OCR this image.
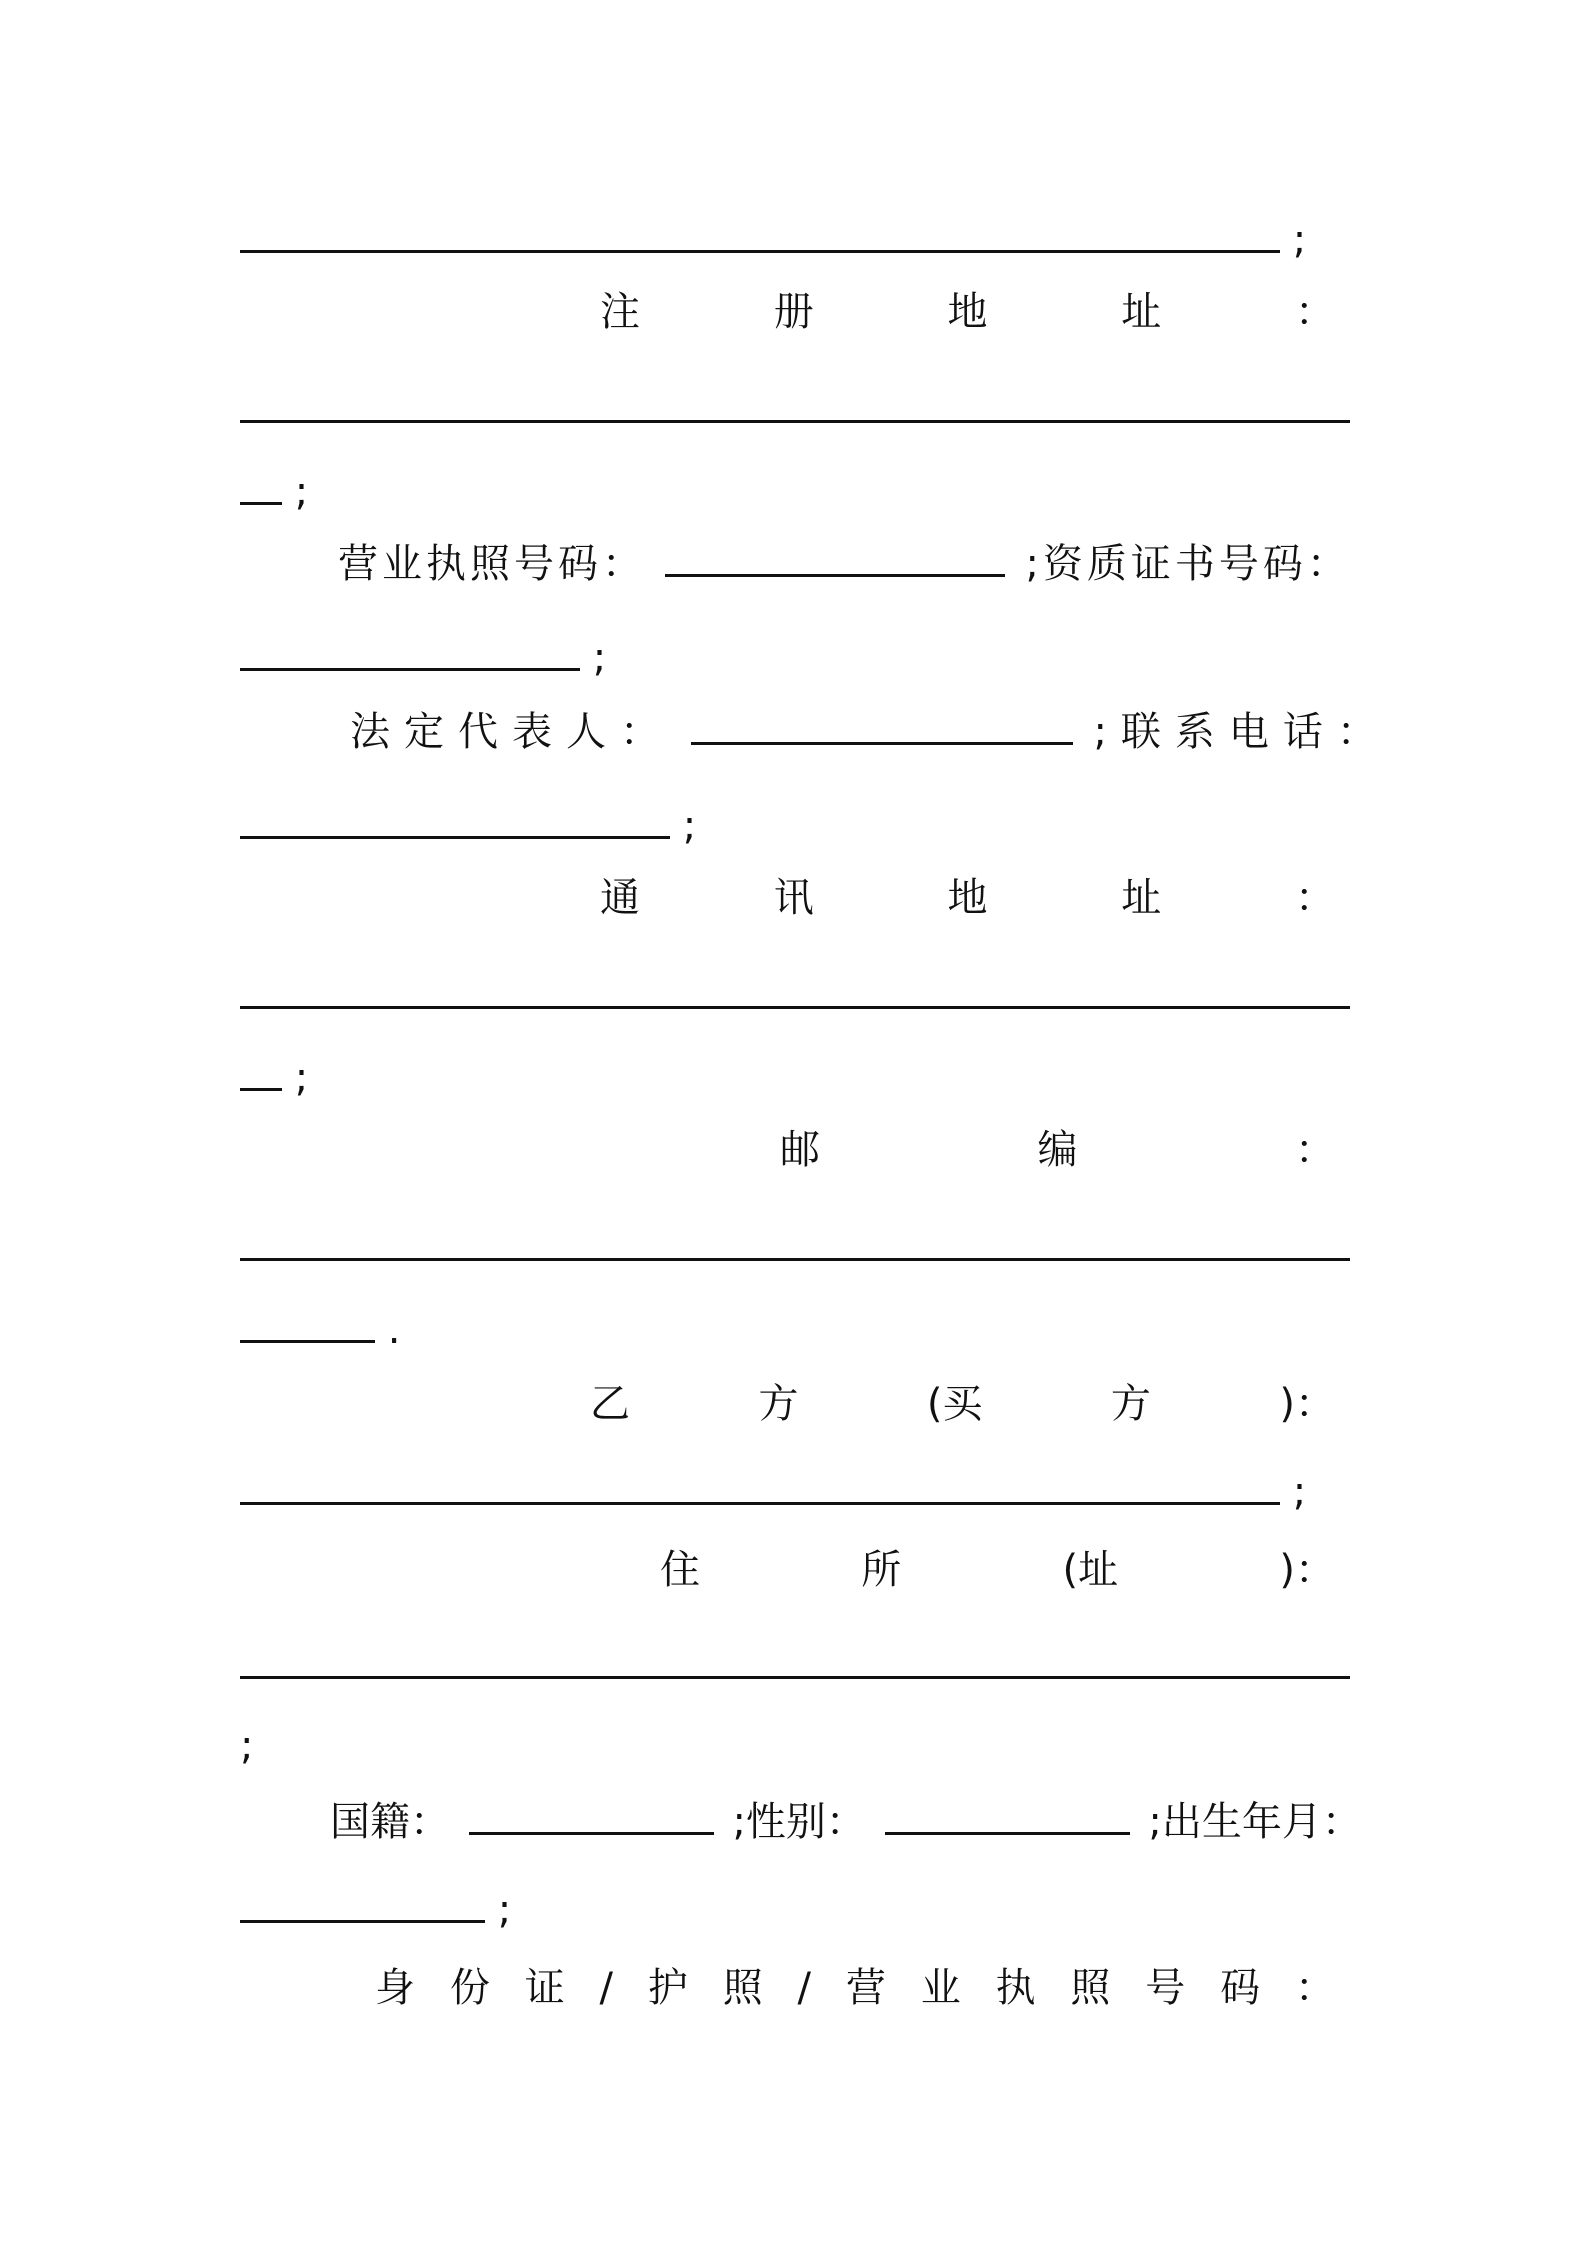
;
注	册	地	址	：
;
营业执照号码：	;资质证书号码：
;
法定代表人：	;联系电话：
;
通	讯	地	址	：
;
邮	编	：
.
乙	方	(买	方	)：
;
住	所	(址	)：
;
国籍：	;性别：	;出生年月：
;
身 份 证 / 护 照 / 营 业 执 照 号 码 ：
